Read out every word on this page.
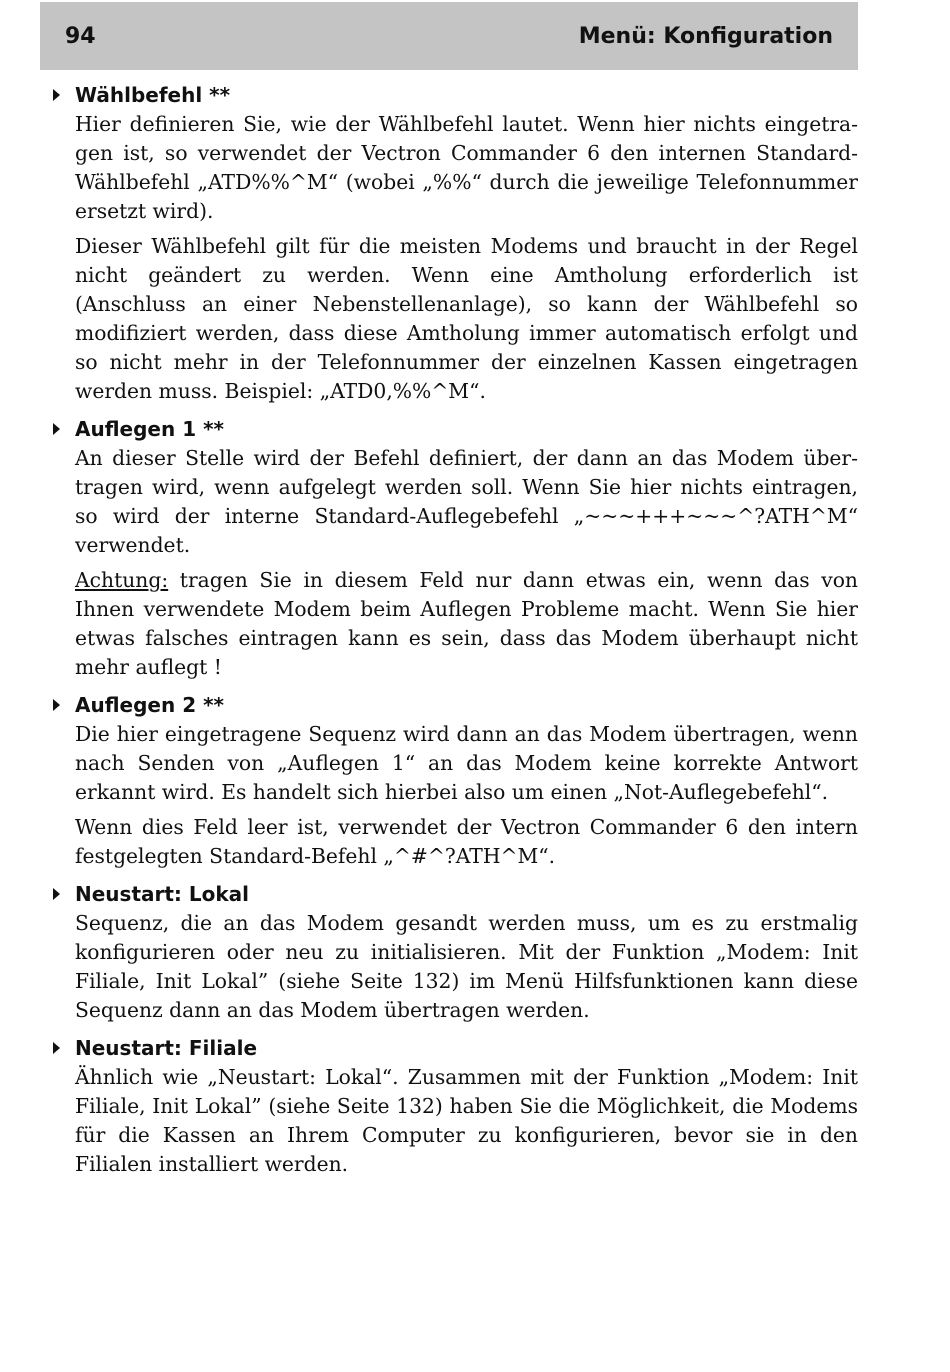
94	Menü: Konfiguration
Wählbefehl **

Hier definieren Sie, wie der Wählbefehl lautet. Wenn hier nichts eingetragen ist, so verwendet der Vectron Commander 6 den internen Standard-Wählbefehl „ATD%%^M“ (wobei „%%“ durch die jeweilige Telefonnummer ersetzt wird).

Dieser Wählbefehl gilt für die meisten Modems und braucht in der Regel nicht geändert zu werden. Wenn eine Amtholung erforderlich ist (Anschluss an einer Nebenstellenanlage), so kann der Wählbefehl so modifiziert werden, dass diese Amtholung immer automatisch erfolgt und so nicht mehr in der Telefonnummer der einzelnen Kassen eingetragen werden muss. Beispiel: „ATD0,%%^M“.

Auflegen 1 **

An dieser Stelle wird der Befehl definiert, der dann an das Modem übertragen wird, wenn aufgelegt werden soll. Wenn Sie hier nichts eintragen, so wird der interne Standard-Auflegebefehl „~~~+++~~~^?ATH^M“ verwendet.

Achtung: tragen Sie in diesem Feld nur dann etwas ein, wenn das von Ihnen verwendete Modem beim Auflegen Probleme macht. Wenn Sie hier etwas falsches eintragen kann es sein, dass das Modem überhaupt nicht mehr auflegt !

Auflegen 2 **

Die hier eingetragene Sequenz wird dann an das Modem übertragen, wenn nach Senden von „Auflegen 1“ an das Modem keine korrekte Antwort erkannt wird. Es handelt sich hierbei also um einen „Not-Auflegebefehl“.

Wenn dies Feld leer ist, verwendet der Vectron Commander 6 den intern festgelegten Standard-Befehl „^#^?ATH^M“.

Neustart: Lokal

Sequenz, die an das Modem gesandt werden muss, um es zu erstmalig konfigurieren oder neu zu initialisieren. Mit der Funktion „Modem: Init Filiale, Init Lokal” (siehe Seite 132) im Menü Hilfsfunktionen kann diese Sequenz dann an das Modem übertragen werden.

Neustart: Filiale

Ähnlich wie „Neustart: Lokal“. Zusammen mit der Funktion „Modem: Init Filiale, Init Lokal” (siehe Seite 132) haben Sie die Möglichkeit, die Modems für die Kassen an Ihrem Computer zu konfigurieren, bevor sie in den Filialen installiert werden.
